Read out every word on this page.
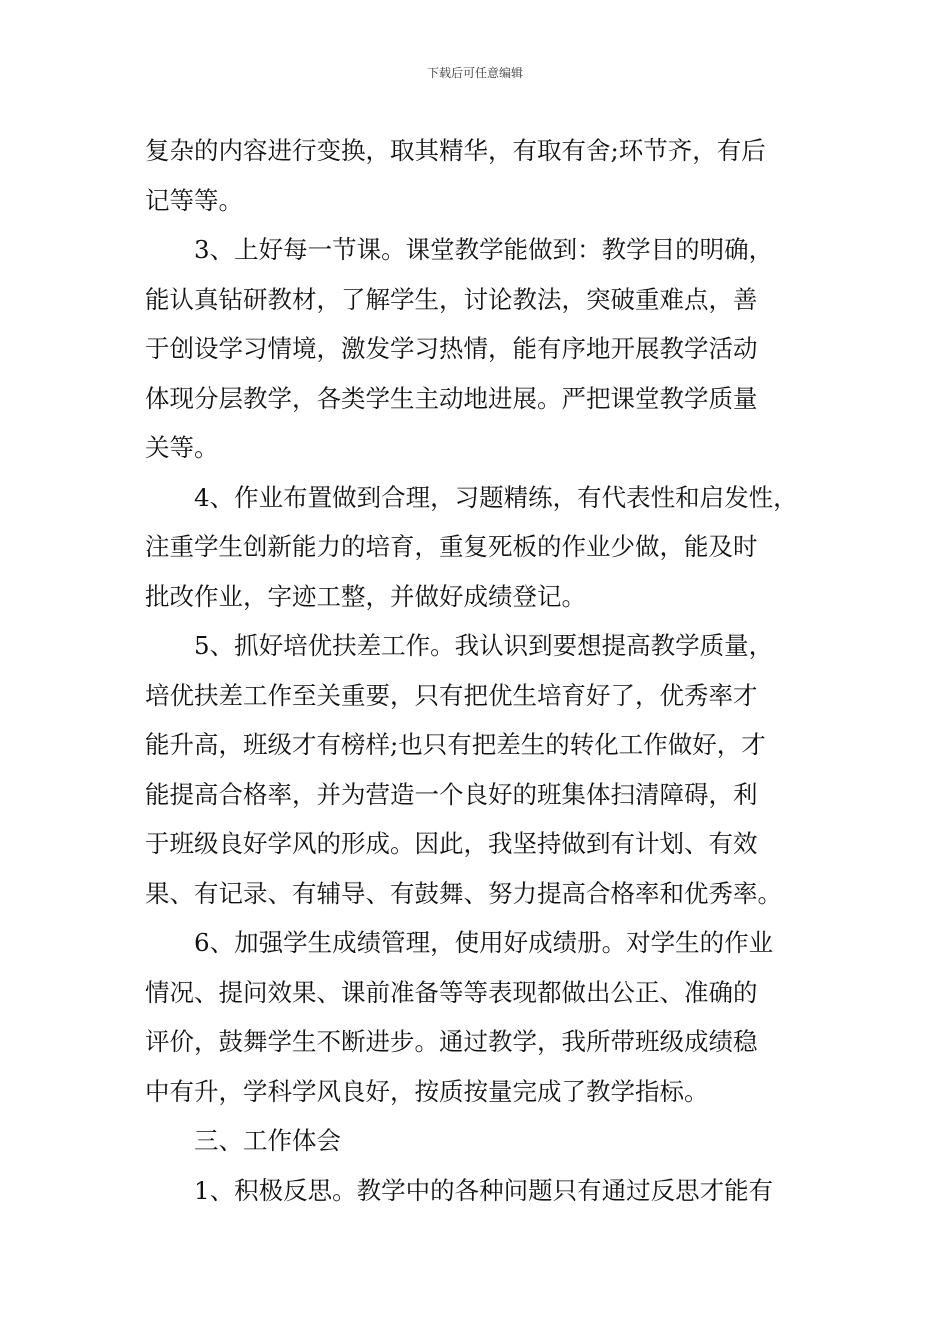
下载后可任意编辑
复杂的内容进行变换，取其精华，有取有舍;环节齐，有后
记等等。
3、上好每一节课。课堂教学能做到：教学目的明确，
能认真钻研教材，了解学生，讨论教法，突破重难点，善
于创设学习情境，激发学习热情，能有序地开展教学活动
体现分层教学，各类学生主动地进展。严把课堂教学质量
关等。
4、作业布置做到合理，习题精练，有代表性和启发性，
注重学生创新能力的培育，重复死板的作业少做，能及时
批改作业，字迹工整，并做好成绩登记。
5、抓好培优扶差工作。我认识到要想提高教学质量，
培优扶差工作至关重要，只有把优生培育好了，优秀率才
能升高，班级才有榜样;也只有把差生的转化工作做好，才
能提高合格率，并为营造一个良好的班集体扫清障碍，利
于班级良好学风的形成。因此，我坚持做到有计划、有效
果、有记录、有辅导、有鼓舞、努力提高合格率和优秀率。
6、加强学生成绩管理，使用好成绩册。对学生的作业
情况、提问效果、课前准备等等表现都做出公正、准确的
评价，鼓舞学生不断进步。通过教学，我所带班级成绩稳
中有升，学科学风良好，按质按量完成了教学指标。
三、工作体会
1、积极反思。教学中的各种问题只有通过反思才能有
